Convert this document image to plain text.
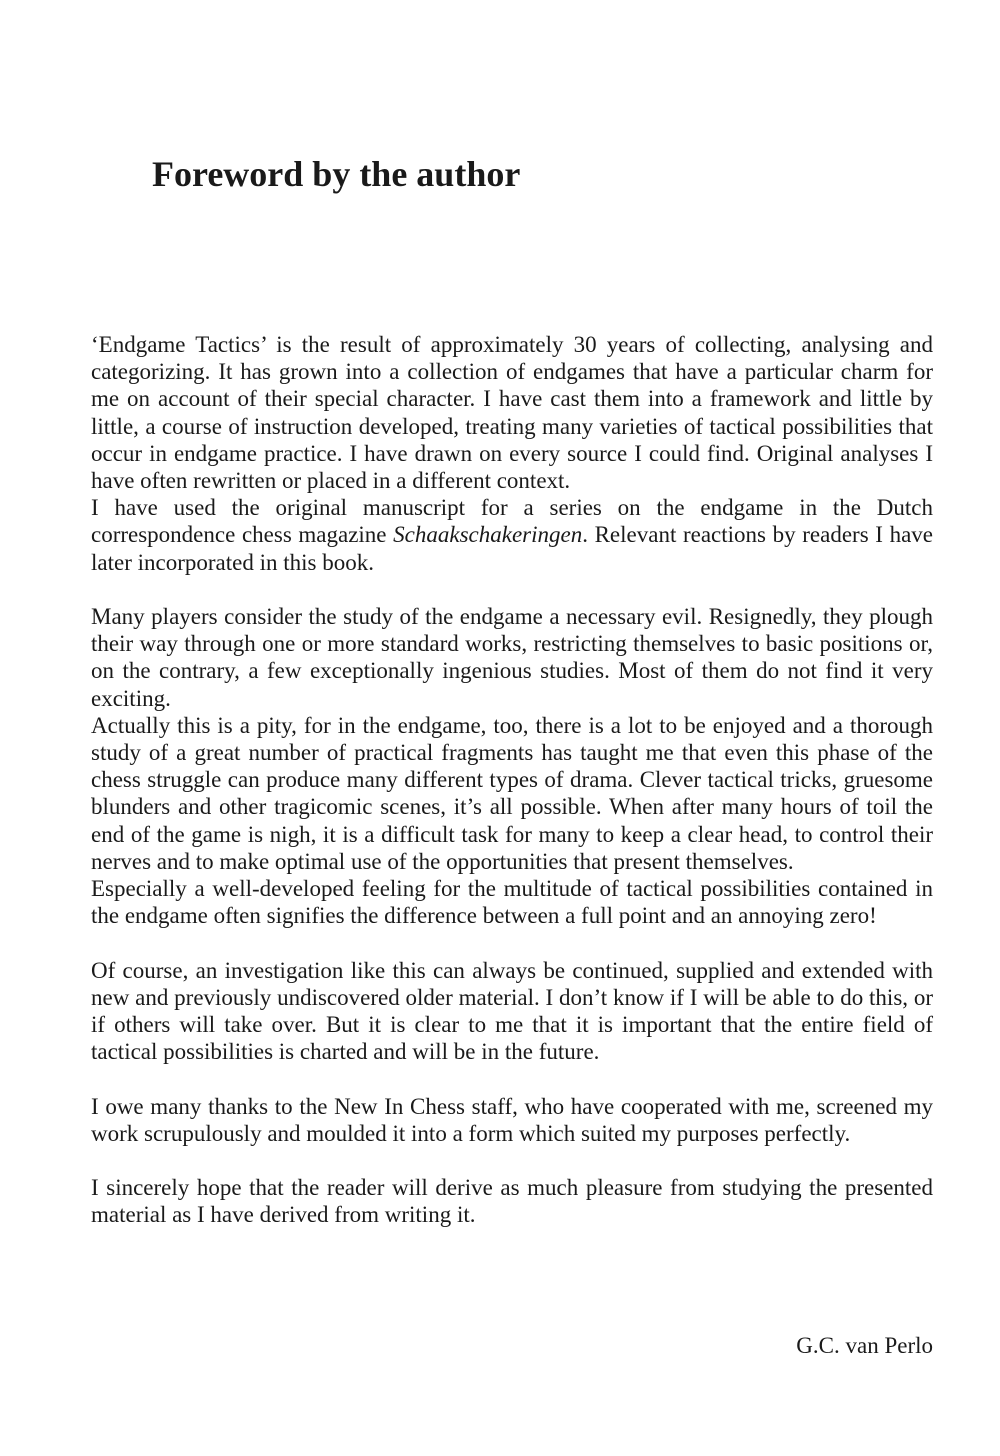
Foreword by the author

‘Endgame Tactics’ is the result of approximately 30 years of collecting, analysing and categorizing. It has grown into a collection of endgames that have a particular charm for me on account of their special character. I have cast them into a framework and little by little, a course of instruction developed, treating many varieties of tactical possibilities that occur in endgame practice. I have drawn on every source I could find. Original analyses I have often rewritten or placed in a different context.

I have used the original manuscript for a series on the endgame in the Dutch correspondence chess magazine Schaakschakeringen. Relevant reactions by readers I have later incorporated in this book.

Many players consider the study of the endgame a necessary evil. Resignedly, they plough their way through one or more standard works, restricting themselves to basic positions or, on the contrary, a few exceptionally ingenious studies. Most of them do not find it very exciting.

Actually this is a pity, for in the endgame, too, there is a lot to be enjoyed and a thorough study of a great number of practical fragments has taught me that even this phase of the chess struggle can produce many different types of drama. Clever tactical tricks, gruesome blunders and other tragicomic scenes, it’s all possible. When after many hours of toil the end of the game is nigh, it is a difficult task for many to keep a clear head, to control their nerves and to make optimal use of the opportunities that present themselves.

Especially a well-developed feeling for the multitude of tactical possibilities contained in the endgame often signifies the difference between a full point and an annoying zero!

Of course, an investigation like this can always be continued, supplied and extended with new and previously undiscovered older material. I don’t know if I will be able to do this, or if others will take over. But it is clear to me that it is important that the entire field of tactical possibilities is charted and will be in the future.

I owe many thanks to the New In Chess staff, who have cooperated with me, screened my work scrupulously and moulded it into a form which suited my purposes perfectly.

I sincerely hope that the reader will derive as much pleasure from studying the presented material as I have derived from writing it.

G.C. van Perlo
